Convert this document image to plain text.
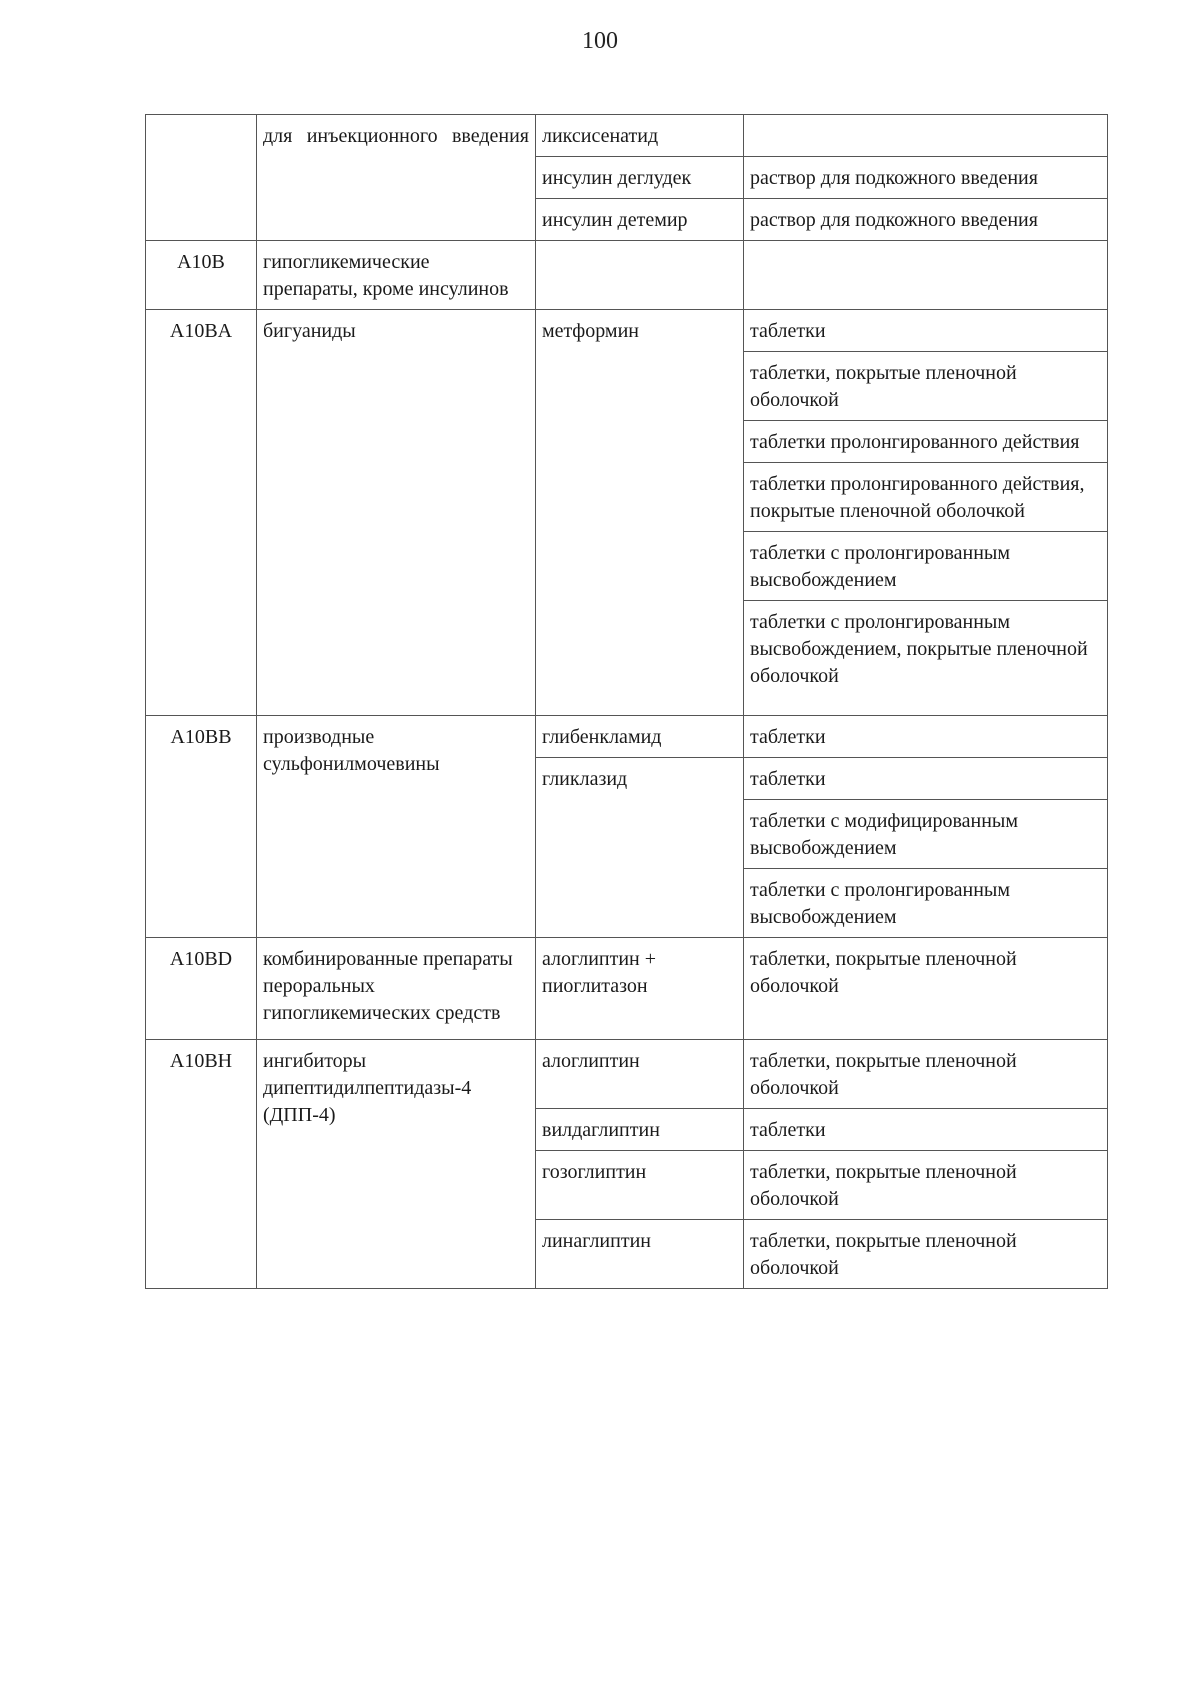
100
	для инъекционного введения	ликсисенатид	
		инсулин деглудек	раствор для подкожного введения
		инсулин детемир	раствор для подкожного введения
A10B	гипогликемические препараты, кроме инсулинов		
A10BA	бигуаниды	метформин	таблетки
			таблетки, покрытые пленочной оболочкой
			таблетки пролонгированного действия
			таблетки пролонгированного действия, покрытые пленочной оболочкой
			таблетки с пролонгированным высвобождением
			таблетки с пролонгированным высвобождением, покрытые пленочной оболочкой
A10BB	производные сульфонилмочевины	глибенкламид	таблетки
		гликлазид	таблетки
			таблетки с модифицированным высвобождением
			таблетки с пролонгированным высвобождением
A10BD	комбинированные препараты пероральных гипогликемических средств	алоглиптин + пиоглитазон	таблетки, покрытые пленочной оболочкой
A10BH	ингибиторы дипептидилпептидазы-4 (ДПП-4)	алоглиптин	таблетки, покрытые пленочной оболочкой
		вилдаглиптин	таблетки
		гозоглиптин	таблетки, покрытые пленочной оболочкой
		линаглиптин	таблетки, покрытые пленочной оболочкой
